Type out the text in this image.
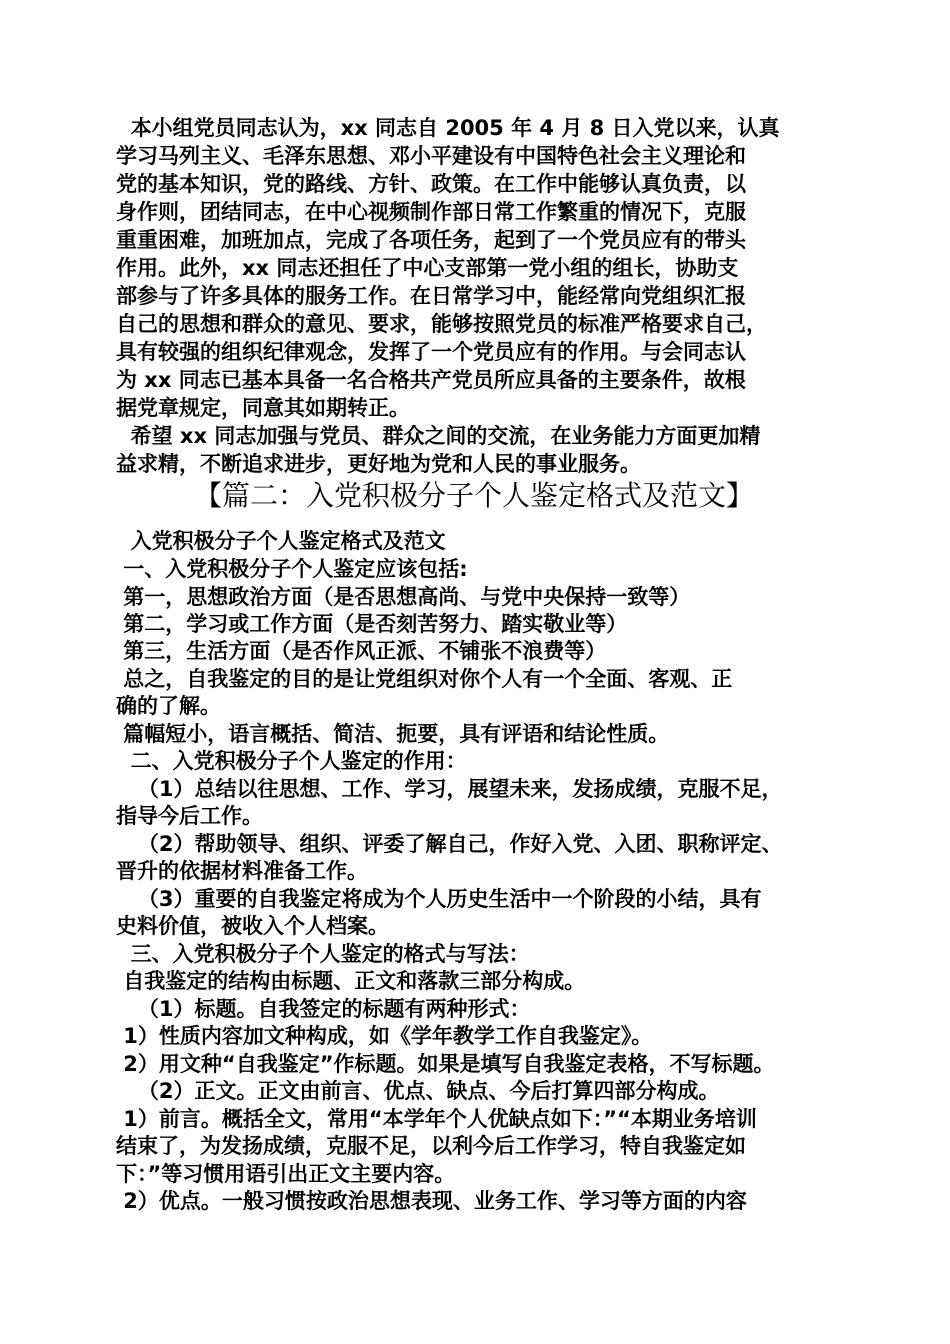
本小组党员同志认为，xx 同志自 2005 年 4 月 8 日入党以来，认真
学习马列主义、毛泽东思想、邓小平建设有中国特色社会主义理论和
党的基本知识，党的路线、方针、政策。在工作中能够认真负责，以
身作则，团结同志，在中心视频制作部日常工作繁重的情况下，克服
重重困难，加班加点，完成了各项任务，起到了一个党员应有的带头
作用。此外，xx 同志还担任了中心支部第一党小组的组长，协助支
部参与了许多具体的服务工作。在日常学习中，能经常向党组织汇报
自己的思想和群众的意见、要求，能够按照党员的标准严格要求自己，
具有较强的组织纪律观念，发挥了一个党员应有的作用。与会同志认
为 xx 同志已基本具备一名合格共产党员所应具备的主要条件，故根
据党章规定，同意其如期转正。
希望 xx 同志加强与党员、群众之间的交流，在业务能力方面更加精
益求精，不断追求进步，更好地为党和人民的事业服务。
【篇二：入党积极分子个人鉴定格式及范文】
入党积极分子个人鉴定格式及范文
一、入党积极分子个人鉴定应该包括:
第一，思想政治方面（是否思想高尚、与党中央保持一致等）
第二，学习或工作方面（是否刻苦努力、踏实敬业等）
第三，生活方面（是否作风正派、不铺张不浪费等）
总之，自我鉴定的目的是让党组织对你个人有一个全面、客观、正
确的了解。
篇幅短小，语言概括、简洁、扼要，具有评语和结论性质。
二、入党积极分子个人鉴定的作用：
（1）总结以往思想、工作、学习，展望未来，发扬成绩，克服不足，
指导今后工作。
（2）帮助领导、组织、评委了解自己，作好入党、入团、职称评定、
晋升的依据材料准备工作。
（3）重要的自我鉴定将成为个人历史生活中一个阶段的小结，具有
史料价值，被收入个人档案。
三、入党积极分子个人鉴定的格式与写法：
自我鉴定的结构由标题、正文和落款三部分构成。
（1）标题。自我签定的标题有两种形式：
1）性质内容加文种构成，如《学年教学工作自我鉴定》。
2）用文种“自我鉴定”作标题。如果是填写自我鉴定表格，不写标题。
（2）正文。正文由前言、优点、缺点、今后打算四部分构成。
1）前言。概括全文，常用“本学年个人优缺点如下：”“本期业务培训
结束了，为发扬成绩，克服不足，以利今后工作学习，特自我鉴定如
下：”等习惯用语引出正文主要内容。
2）优点。一般习惯按政治思想表现、业务工作、学习等方面的内容
